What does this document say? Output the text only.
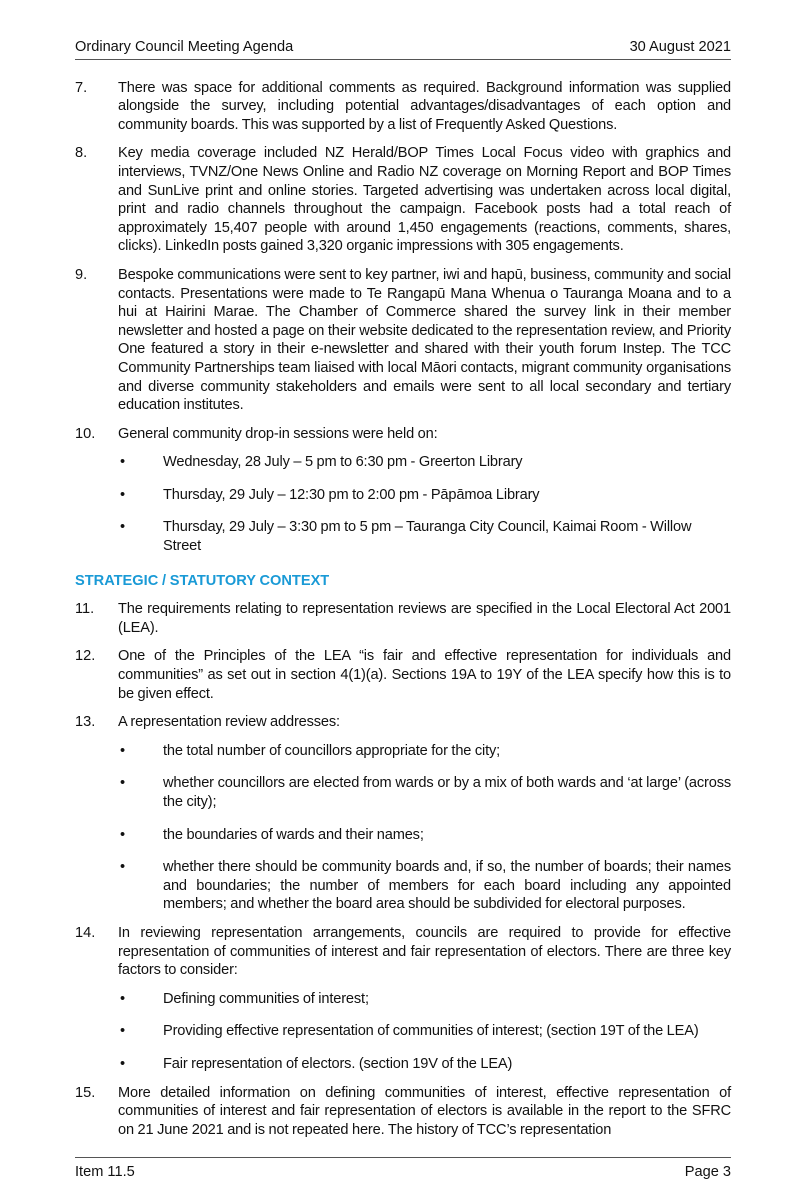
Ordinary Council Meeting Agenda	30 August 2021
7.	There was space for additional comments as required. Background information was supplied alongside the survey, including potential advantages/disadvantages of each option and community boards. This was supported by a list of Frequently Asked Questions.
8.	Key media coverage included NZ Herald/BOP Times Local Focus video with graphics and interviews, TVNZ/One News Online and Radio NZ coverage on Morning Report and BOP Times and SunLive print and online stories. Targeted advertising was undertaken across local digital, print and radio channels throughout the campaign. Facebook posts had a total reach of approximately 15,407 people with around 1,450 engagements (reactions, comments, shares, clicks). LinkedIn posts gained 3,320 organic impressions with 305 engagements.
9.	Bespoke communications were sent to key partner, iwi and hapū, business, community and social contacts. Presentations were made to Te Rangapū Mana Whenua o Tauranga Moana and to a hui at Hairini Marae. The Chamber of Commerce shared the survey link in their member newsletter and hosted a page on their website dedicated to the representation review, and Priority One featured a story in their e-newsletter and shared with their youth forum Instep. The TCC Community Partnerships team liaised with local Māori contacts, migrant community organisations and diverse community stakeholders and emails were sent to all local secondary and tertiary education institutes.
10.	General community drop-in sessions were held on:
•	Wednesday, 28 July – 5 pm to 6:30 pm - Greerton Library
•	Thursday, 29 July – 12:30 pm to 2:00 pm - Pāpāmoa Library
•	Thursday, 29 July – 3:30 pm to 5 pm – Tauranga City Council, Kaimai Room - Willow Street
STRATEGIC / STATUTORY CONTEXT
11.	The requirements relating to representation reviews are specified in the Local Electoral Act 2001 (LEA).
12.	One of the Principles of the LEA “is fair and effective representation for individuals and communities” as set out in section 4(1)(a). Sections 19A to 19Y of the LEA specify how this is to be given effect.
13.	A representation review addresses:
•	the total number of councillors appropriate for the city;
•	whether councillors are elected from wards or by a mix of both wards and ‘at large’ (across the city);
•	the boundaries of wards and their names;
•	whether there should be community boards and, if so, the number of boards; their names and boundaries; the number of members for each board including any appointed members; and whether the board area should be subdivided for electoral purposes.
14.	In reviewing representation arrangements, councils are required to provide for effective representation of communities of interest and fair representation of electors. There are three key factors to consider:
•	Defining communities of interest;
•	Providing effective representation of communities of interest; (section 19T of the LEA)
•	Fair representation of electors. (section 19V of the LEA)
15.	More detailed information on defining communities of interest, effective representation of communities of interest and fair representation of electors is available in the report to the SFRC on 21 June 2021 and is not repeated here. The history of TCC’s representation
Item 11.5	Page 3
